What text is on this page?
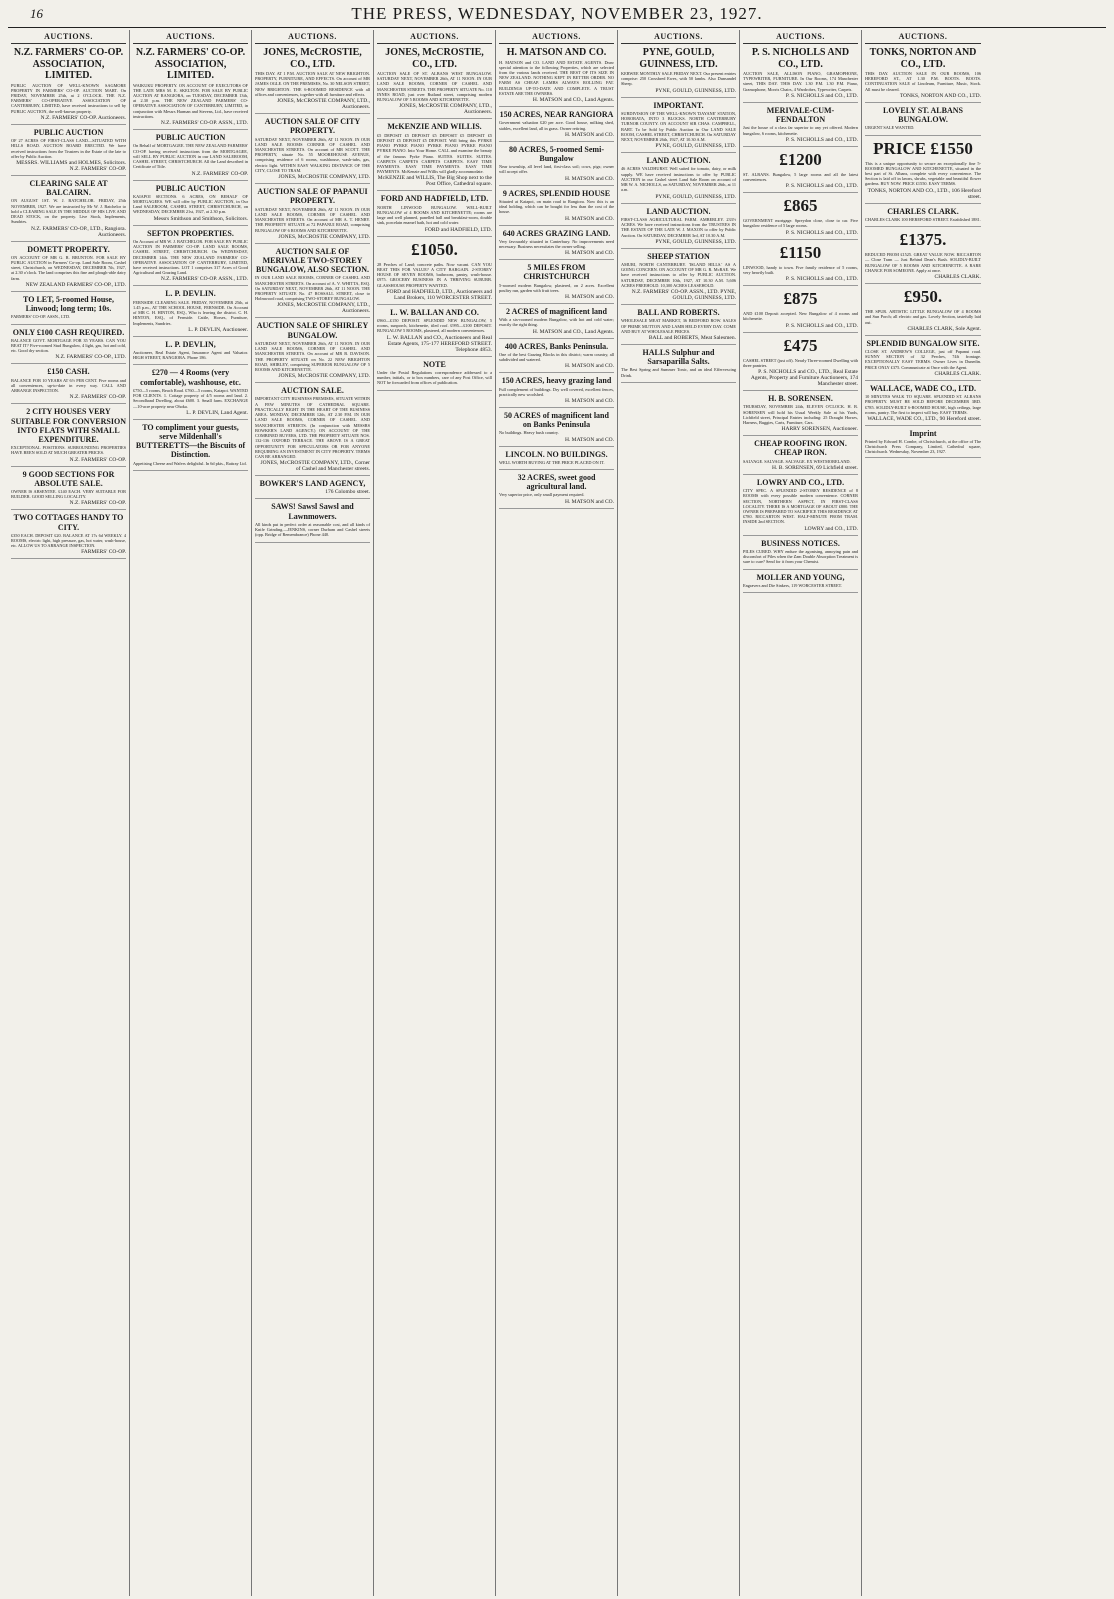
16	THE PRESS, WEDNESDAY, NOVEMBER 23, 1927.
AUCTIONS.
N.Z. FARMERS' CO-OP. ASSOCIATION, LIMITED.
PUBLIC AUCTION OF WELL-KNOWN SAGMORE PROPERTY IN FARMERS' CO-OP. AUCTION MART. On FRIDAY, NOVEMBER 25th, at 2 O'CLOCK. THE N.Z. FARMERS' CO-OPERATIVE ASSOCIATION OF CANTERBURY, LIMITED, have received instructions to sell by PUBLIC AUCTION, the well-known property.
N.Z. FARMERS' CO-OP. Auctioneers.
PUBLIC AUCTION
OF 27 ACRES OF FIRST-CLASS LAND—SITUATED WITH HILLS ROAD. AUCTION BOARD ERECTED. We have received instructions from the Trustees in the Estate of the late to offer by Public Auction.
MESSRS. WILLIAMS and HOLMES, Solicitors. N.Z. FARMERS' CO-OP.
CLEARING SALE AT BALCAIRN.
ON AUGUST 1ST. W. J. BATCHELOR. FRIDAY, 25th NOVEMBER, 1927. We are instructed by Mr W. J. Batchelor to hold a CLEARING SALE IN THE MIDDLE OF HIS LIVE AND DEAD STOCK, on the property. Live Stock, Implements, Sundries.
N.Z. FARMERS' CO-OP., LTD., Rangiora. Auctioneers.
DOMETT PROPERTY.
ON ACCOUNT OF MR G. R. BRUNTON. FOR SALE BY PUBLIC AUCTION in Farmers' Co-op. Land Sale Room, Cashel street, Christchurch, on WEDNESDAY, DECEMBER 7th, 1927, at 2.30 o'clock. The land comprises this fine and plough-able dairy farm.
NEW ZEALAND FARMERS' CO-OP., LTD.
TO LET, 5-roomed House, Linwood; long term; 10s.
FARMERS' CO-OP. ASSN., LTD.
ONLY £100 CASH REQUIRED.
BALANCE GOVT. MORTGAGE FOR 35 YEARS. CAN YOU BEAT IT? Five-roomed Stud Bungalow, 4 light, gas, hot and cold, etc. Good dry section.
N.Z. FARMERS' CO-OP., LTD.
£150 CASH.
BALANCE FOR 10 YEARS AT 6½ PER CENT. Five rooms and all conveniences, up-to-date in every way. CALL AND ARRANGE INSPECTION.
N.Z. FARMERS' CO-OP.
2 CITY HOUSES VERY SUITABLE FOR CONVERSION INTO FLATS WITH SMALL EXPENDITURE.
EXCEPTIONAL POSITIONS. SURROUNDING PROPERTIES HAVE BEEN SOLD AT MUCH GREATER PRICES.
N.Z. FARMERS' CO-OP.
9 GOOD SECTIONS FOR ABSOLUTE SALE.
OWNER IS ABSENTEE. £140 EACH. VERY SUITABLE FOR BUILDER. GOOD SELLING LOCALITY.
N.Z. FARMERS' CO-OP.
TWO COTTAGES HANDY TO CITY.
£350 EACH. DEPOSIT £20. BALANCE AT 17s 6d WEEKLY. 4 ROOMS, electric light, high pressure, gas, hot water, wash-house, etc. ALLOW US TO ARRANGE INSPECTION.
FARMERS' CO-OP.
AUCTIONS.
N.Z. FARMERS' CO-OP. ASSOCIATION, LIMITED.
WAIKUKU PROPERTY. ON ACCOUNT OF EXECUTORS OF THE LATE MRS M. E. SKELTON. FOR SALE BY PUBLIC AUCTION AT RANGIORA, on TUESDAY, DECEMBER 13th, at 2.30 p.m. THE NEW ZEALAND FARMERS' CO-OPERATIVE ASSOCIATION OF CANTERBURY, LIMITED, in conjunction with Messrs Harman and Stevens, Ltd., have received instructions.
N.Z. FARMERS' CO-OP. ASSN., LTD.
PUBLIC AUCTION
On Behalf of MORTGAGEE. THE NEW ZEALAND FARMERS' CO-OP. having received instructions from the MORTGAGEE, will SELL BY PUBLIC AUCTION in our LAND SALEROOM, CASHEL STREET, CHRISTCHURCH. All the Land described in Certificate of Title.
N.Z. FARMERS' CO-OP.
PUBLIC AUCTION
KAIAPOI SECTIONS. 6 ACRES, ON BEHALF OF MORTGAGEES. WE will offer by PUBLIC AUCTION, in Our Land SALEROOM, CASHEL STREET, CHRISTCHURCH, on WEDNESDAY, DECEMBER 21st, 1927, at 2.30 p.m.
Messrs Smithson and Smithson, Solicitors.
SEFTON PROPERTIES.
On Account of MR W. J. BATCHELOR. FOR SALE BY PUBLIC AUCTION IN FARMERS' CO-OP. LAND SALE ROOMS, CASHEL STREET, CHRISTCHURCH. On WEDNESDAY, DECEMBER 14th. THE NEW ZEALAND FARMERS' CO-OPERATIVE ASSOCIATION OF CANTERBURY, LIMITED, have received instructions. LOT 1 comprises 317 Acres of Good Agricultural and Grazing Land.
N.Z. FARMERS' CO-OP. ASSN., LTD.
L. P. DEVLIN.
FERNSIDE CLEARING SALE. FRIDAY, NOVEMBER 25th, at 1.45 p.m., AT THE SCHOOL HOUSE, FERNSIDE. On Account of MR C. H. HINTON, ESQ., Who is leaving the district. C. H. HINTON, ESQ., of Fernside. Cattle, Horses, Furniture, Implements, Sundries.
L. P. DEVLIN, Auctioneer.
L. P. DEVLIN,
Auctioneer, Real Estate Agent, Insurance Agent and Valuator. HIGH STREET, RANGIORA. Phone 186.
£270 — 4 Rooms (very comfortable), washhouse, etc.
£750—5 rooms, Beach Road. £760—5 rooms, Kaiapoi. WANTED FOR CLIENTS. 1. Cottage property of 4/5 rooms and land. 2. Secondhand Dwelling, about £600. 3. Small farm. EXCHANGE—10-acre property near Ohoka.
L. P. DEVLIN, Land Agent.
TO compliment your guests, serve Mildenhall's BUTTERETTS—the Biscuits of Distinction.
Appetising Cheese and Wafers delightful. In 6d pkts., Rattray Ltd.
AUCTIONS.
JONES, McCROSTIE, CO., LTD.
THIS DAY. AT 1 P.M. AUCTION SALE AT NEW BRIGHTON. PROPERTY, FURNITURE, AND EFFECTS. On account of MR JAMES OGLE. ON THE PREMISES, No. 30 NELSON STREET, NEW BRIGHTON. THE 6-ROOMED RESIDENCE with all offices and conveniences, together with all furniture and effects.
JONES, McCROSTIE COMPANY, LTD., Auctioneers.
AUCTION SALE OF CITY PROPERTY.
SATURDAY NEXT, NOVEMBER 26th, AT 11 NOON. IN OUR LAND SALE ROOMS CORNER OF CASHEL AND MANCHESTER STREETS. On account of MR SCOTT. THE PROPERTY, situate No. 55 MOOREHOUSE AVENUE, comprising residence of 6 rooms, washhouse, wash-tubs, gas, electric light. WITHIN EASY WALKING DISTANCE OF THE CITY, CLOSE TO TRAM.
JONES, McCROSTIE COMPANY, LTD.
AUCTION SALE OF PAPANUI PROPERTY.
SATURDAY NEXT, NOVEMBER 26th, AT 11 NOON. IN OUR LAND SALE ROOMS, CORNER OF CASHEL AND MANCHESTER STREETS. On account of MR A. T. HENRY. THE PROPERTY SITUATE at 72 PAPANUI ROAD, comprising BUNGALOW OF 6 ROOMS AND KITCHENETTE.
JONES, McCROSTIE COMPANY, LTD.
AUCTION SALE OF MERIVALE TWO-STOREY BUNGALOW, ALSO SECTION.
IN OUR LAND SALE ROOMS, CORNER OF CASHEL AND MANCHESTER STREETS. On account of A. V. WHITTA, ESQ. On SATURDAY NEXT, NOVEMBER 26th, AT 11 NOON. THE PROPERTY SITUATE No. 47 ROSSALL STREET, close to Holmwood road, comprising TWO-STOREY BUNGALOW.
JONES, McCROSTIE COMPANY, LTD., Auctioneers.
AUCTION SALE OF SHIRLEY BUNGALOW.
SATURDAY NEXT, NOVEMBER 26th, AT 11 NOON. IN OUR LAND SALE ROOMS, CORNER OF CASHEL AND MANCHESTER STREETS. On account of MR B. DAVISON. THE PROPERTY SITUATE on No. 22 NEW BRIGHTON ROAD, SHIRLEY, comprising SUPERIOR BUNGALOW OF 5 ROOMS AND KITCHENETTE.
JONES, McCROSTIE COMPANY, LTD.
AUCTION SALE.
IMPORTANT CITY BUSINESS PREMISES, SITUATE WITHIN A FEW MINUTES OF CATHEDRAL SQUARE. PRACTICALLY RIGHT IN THE HEART OF THE BUSINESS AREA. MONDAY, DECEMBER 12th, AT 2.30 P.M. IN OUR LAND SALE ROOMS, CORNER OF CASHEL AND MANCHESTER STREETS. (In conjunction with MESSRS BOWKER'S LAND AGENCY.) ON ACCOUNT OF THE COMBINED BUYERS, LTD. THE PROPERTY SITUATE NOS. 132-136 OXFORD TERRACE. THE ABOVE IS A GREAT OPPORTUNITY FOR SPECULATORS OR FOR ANYONE REQUIRING AN INVESTMENT IN CITY PROPERTY. TERMS CAN BE ARRANGED.
JONES, McCROSTIE COMPANY, LTD., Corner of Cashel and Manchester streets.
BOWKER'S LAND AGENCY,
176 Colombo street.
SAWS! Sawsl Sawsl and Lawnmowers.
All kinds put in perfect order at reasonable cost, and all kinds of Knife Grinding.—JENKINS, corner Durham and Cashel streets (opp. Bridge of Remembrance) Phone 440.
AUCTIONS.
JONES, McCROSTIE, CO., LTD.
AUCTION SALE OF ST. ALBANS WEST BUNGALOW. SATURDAY NEXT, NOVEMBER 26th, AT 11 NOON. IN OUR LAND SALE ROOMS, CORNER OF CASHEL AND MANCHESTER STREETS. THE PROPERTY SITUATE No. 110 INNES ROAD, just over Rutland street, comprising modern BUNGALOW OF 5 ROOMS AND KITCHENETTE.
JONES, McCROSTIE COMPANY, LTD., Auctioneers.
McKENZIE AND WILLIS.
£5 DEPOSIT £5 DEPOSIT £5 DEPOSIT £5 DEPOSIT £5 DEPOSIT £5 DEPOSIT £5 DEPOSIT. Will bring this PYRKE PIANO PYRKE PIANO PYRKE PIANO PYRKE PIANO PYRKE PIANO. Into Your Home. CALL and examine the beauty of the famous Pyrke Piano. SUITES. SUITES. SUITES. CARPETS CARPETS CARPETS CARPETS. EASY TIME PAYMENTS. EASY TIME PAYMENTS. EASY TIME PAYMENTS. McKenzie and Willis will gladly accommodate.
McKENZIE and WILLIS, The Big Shop next to the Post Office, Cathedral square.
FORD AND HADFIELD, LTD.
NORTH LINWOOD BUNGALOW. WELL-BUILT BUNGALOW of 4 ROOMS AND KITCHENETTE; rooms are large and well planned, panelled hall and breakfast-room, double sink, porcelain enamel bath, hot and cold water.
FORD and HADFIELD, LTD.
£1050.
28 Perches of Land; concrete paths. Now vacant. CAN YOU BEAT THIS FOR VALUE? A CITY BARGAIN. 2-STOREY HOUSE OF SEVEN ROOMS, bathroom, pantry, wash-house. £975. GROCERY BUSINESS IN A THRIVING SUBURB. GLASSHOUSE PROPERTY WANTED.
FORD and HADFIELD, LTD., Auctioneers and Land Brokers, 110 WORCESTER STREET.
L. W. BALLAN AND CO.
£960—£150 DEPOSIT. SPLENDID NEW BUNGALOW, 5 rooms, sunporch, kitchenette, tiled roof. £995—£100 DEPOSIT. BUNGALOW 5 ROOMS, plastered, all modern conveniences.
L. W. BALLAN and CO., Auctioneers and Real Estate Agents, 175-177 HEREFORD STREET. Telephone 4853.
NOTE
Under the Postal Regulations correspondence addressed to a number, initials, or to box numbers, care of any Post Office, will NOT be forwarded from offices of publication.
AUCTIONS.
H. MATSON AND CO.
H. MATSON and CO. LAND AND ESTATE AGENTS. Draw special attention to the following Properties, which are selected from the various lands received. THE BEST OF ITS SIZE IN NEW ZEALAND. NOTHING KEPT IN BETTER ORDER. NO FARM AS CHEAP. LAMBS ALWAYS ROLLING FAT. BUILDINGS UP-TO-DATE AND COMPLETE. A TRUST ESTATE ARE THE OWNERS.
H. MATSON and CO., Land Agents.
150 ACRES, NEAR RANGIORA
Government valuation £20 per acre. Good house, milking shed, stables, excellent land, all in grass. Owner retiring.
H. MATSON and CO.
80 ACRES, 5-roomed Semi-Bungalow
Near township, all level land, first-class soil; cows, pigs; owner will accept offer.
H. MATSON and CO.
9 ACRES, SPLENDID HOUSE
Situated at Kaiapoi, on main road to Rangiora. Now this is an ideal holding, which can be bought for less than the cost of the house.
H. MATSON and CO.
640 ACRES GRAZING LAND.
Very favourably situated in Canterbury. No improvements need necessary. Business necessitates the owner selling.
H. MATSON and CO.
5 MILES FROM CHRISTCHURCH
5-roomed modern Bungalow, plastered, on 2 acres. Excellent poultry run, garden with fruit trees.
H. MATSON and CO.
2 ACRES of magnificent land
With a six-roomed modern Bungalow, with hot and cold water; exactly the right thing.
H. MATSON and CO., Land Agents.
400 ACRES, Banks Peninsula.
One of the best Grazing Blocks in this district; warm country, all subdivided and watered.
H. MATSON and CO.
150 ACRES, heavy grazing land
Full complement of buildings. Dry well covered, excellent fences, practically new woolshed.
H. MATSON and CO.
50 ACRES of magnificent land on Banks Peninsula
No buildings. Heavy bush country.
H. MATSON and CO.
LINCOLN. NO BUILDINGS.
WELL WORTH BUYING AT THE PRICE PLACED ON IT.
32 ACRES, sweet good agricultural land.
Very superior price, only small payment required.
H. MATSON and CO.
AUCTIONS.
PYNE, GOULD, GUINNESS, LTD.
KERWEE MONTHLY SALE FRIDAY NEXT. Our present entries comprise: 250 Crossbred Ewes, with 50 lambs. Also Dunsandel Sheep.
PYNE, GOULD, GUINNESS, LTD.
IMPORTANT.
SUBDIVISION OF THE WELL-KNOWN 'DAYANE' STATION, HORORATA, INTO 3 BLOCKS. NORTH CANTERBURY TURNOR COUNTY. ON ACCOUNT SIR CHAS. CAMPBELL, BART. To be Sold by Public Auction in Our LAND SALE ROOM, CASHEL STREET, CHRISTCHURCH. On SATURDAY NEXT, NOVEMBER 26th, 1927, AT 10.30 A.M.
PYNE, GOULD, GUINNESS, LTD.
LAND AUCTION.
46 ACRES VALDHURST. Well suited for tomato, dairy, or milk supply. WE have received instructions to offer by PUBLIC AUCTION in our Cashel street Land Sale Room on account of MR W. A. NICHOLLS, on SATURDAY, NOVEMBER 26th, at 11 a.m.
PYNE, GOULD, GUINNESS, LTD.
LAND AUCTION.
FIRST-CLASS AGRICULTURAL FARM. AMBERLEY. 233½ ACRES. We have received instructions from the TRUSTEES IN THE ESTATE OF THE LATE W. J. MAXON to offer by Public Auction. On SATURDAY, DECEMBER 3rd, AT 10.30 A.M.
PYNE, GOULD, GUINNESS, LTD.
SHEEP STATION
AMURI, NORTH CANTERBURY. 'ISLAND HILLS.' AS A GOING CONCERN. ON ACCOUNT OF MR G. R. McRAE. We have received instructions to offer by PUBLIC AUCTION. SATURDAY, DECEMBER 10th, 1927, AT 10.30 A.M. 5,606 ACRES FREEHOLD. 10,300 ACRES LEASEHOLD.
N.Z. FARMERS' CO-OP. ASSN., LTD. PYNE, GOULD, GUINNESS, LTD.
BALL AND ROBERTS.
WHOLESALE MEAT MARKET, 36 BEDFORD ROW. SALES OF PRIME MUTTON AND LAMB HELD EVERY DAY. COME AND BUY AT WHOLESALE PRICES.
BALL and ROBERTS, Meat Salesmen.
HALLS Sulphur and Sarsaparilla Salts.
The Best Spring and Summer Tonic, and an ideal Effervescing Drink.
AUCTIONS.
P. S. NICHOLLS AND CO., LTD.
AUCTION SALE, ALLISON PIANO, GRAMOPHONE, TYPEWRITER, FURNITURE. In Our Rooms, 174 Manchester street, THIS DAY. THIS DAY. 1.30 P.M. 1.30 P.M. Piano, Gramophone, Morris Chairs, 4 Wardrobes, Typewriter, Carpets.
P. S. NICHOLLS and CO., LTD.
MERIVALE-CUM-FENDALTON
Just the house of a class far superior to any yet offered. Modern bungalow, 6 rooms, kitchenette.
P. S. NICHOLLS and CO., LTD.
£1200
ST. ALBANS. Bungalow, 5 large rooms and all the latest conveniences.
P. S. NICHOLLS and CO., LTD.
£865
GOVERNMENT mortgage. Spreydon close, close to car. Five bungalow residence of 5 large rooms.
P. S. NICHOLLS and CO., LTD.
£1150
LINWOOD, handy to town. Five family residence of 5 rooms, very heavily built.
P. S. NICHOLLS and CO., LTD.
£875
AND £100 Deposit accepted. New Bungalow of 4 rooms and kitchenette.
P. S. NICHOLLS and CO., LTD.
£475
CASHEL STREET (just off). Nearly Three-roomed Dwelling with three pantries.
P. S. NICHOLLS and CO., LTD., Real Estate Agents, Property and Furniture Auctioneers, 174 Manchester street.
H. B. SORENSEN.
THURSDAY, NOVEMBER 24th, ELEVEN O'CLOCK. H. B. SORENSEN will hold his Usual Weekly Sale at his Yards, Lichfield street, Principal Entries including: 25 Draught Horses, Harness, Buggies, Carts, Furniture, Cars.
HARRY SORENSEN, Auctioneer.
CHEAP ROOFING IRON. CHEAP IRON.
SALVAGE. SALVAGE. SALVAGE. EX WESTMORELAND.
H. B. SORENSEN, 69 Lichfield street.
LOWRY AND CO., LTD.
CITY SPEC. A SPLENDID 2-STOREY RESIDENCE of 8 ROOMS with every possible modern convenience. CORNER SECTION, NORTHERN ASPECT, IN FIRST-CLASS LOCALITY. THERE IS A MORTGAGE OF ABOUT £800. THE OWNER IS PREPARED TO SACRIFICE THIS RESIDENCE AT £780. RICCARTON WEST. HALF-MINUTE FROM TRAM. INSIDE 2nd SECTION.
LOWRY and CO., LTD.
BUSINESS NOTICES.
PILES CURED. WHY endure the agonising, annoying pain and discomfort of Piles when the Zam Double Absorption Treatment is sure to cure? Send for it from your Chemist.
MOLLER AND YOUNG,
Engravers and Die Sinkers, 119 WORCESTER STREET.
AUCTIONS.
TONKS, NORTON AND CO., LTD.
THIS DAY. AUCTION SALE IN OUR ROOMS, 106 HEREFORD ST., AT 1.30 P.M. BOOTS. BOOTS. CONTINUATION SALE of Linoleum, Furniture, Music, Stock. All must be cleared.
TONKS, NORTON AND CO., LTD.
LOVELY ST. ALBANS BUNGALOW.
URGENT SALE WANTED.
PRICE £1550
This is a unique opportunity to secure an exceptionally fine 5-ROOMED BUNGALOW AND KITCHENETTE, situated in the best part of St. Albans, complete with every convenience. The Section is laid off in lawns, shrubs, vegetable and beautiful flower gardens. BUY NOW. PRICE £1550. EASY TERMS.
TONKS, NORTON AND CO., LTD., 106 Hereford street.
CHARLES CLARK.
CHARLES CLARK 100 HEREFORD STREET. Established 1881.
£1375.
REDUCED FROM £1525. GREAT VALUE NOW. RICCARTON — Close Tram — Just Behind Dean's Bush. SOLIDLY-BUILT BUNGALOW OF 5 ROOMS AND KITCHENETTE. A RARE CHANCE FOR SOMEONE. Apply at once.
CHARLES CLARK.
£950.
THE SPUR. ARTISTIC LITTLE BUNGALOW OF 4 ROOMS and Sun Porch; all electric and gas. Lovely Section, tastefully laid out.
CHARLES CLARK, Sole Agent.
SPLENDID BUNGALOW SITE.
CLOSE ST. ANDREW'S COLLEGE, just off Papanui road. SUNNY SECTION of 32 Perches, 74ft frontage. EXCEPTIONALLY EASY TERMS. Owner Lives in Dunedin. PRICE ONLY £375. Communicate at Once with the Agent.
CHARLES CLARK.
WALLACE, WADE CO., LTD.
10 MINUTES WALK TO SQUARE. SPLENDID ST. ALBANS PROPERTY. MUST BE SOLD BEFORE DECEMBER 3RD. £785. SOLIDLY-BUILT 6-ROOMED HOUSE, high ceilings, large rooms, pantry. The first to inspect will buy. EASY TERMS.
WALLACE, WADE CO., LTD., 90 Hereford street.
Imprint
Printed by Edward H. Combe, of Christchurch, at the office of The Christchurch Press Company, Limited, Cathedral square, Christchurch. Wednesday, November 23, 1927.
